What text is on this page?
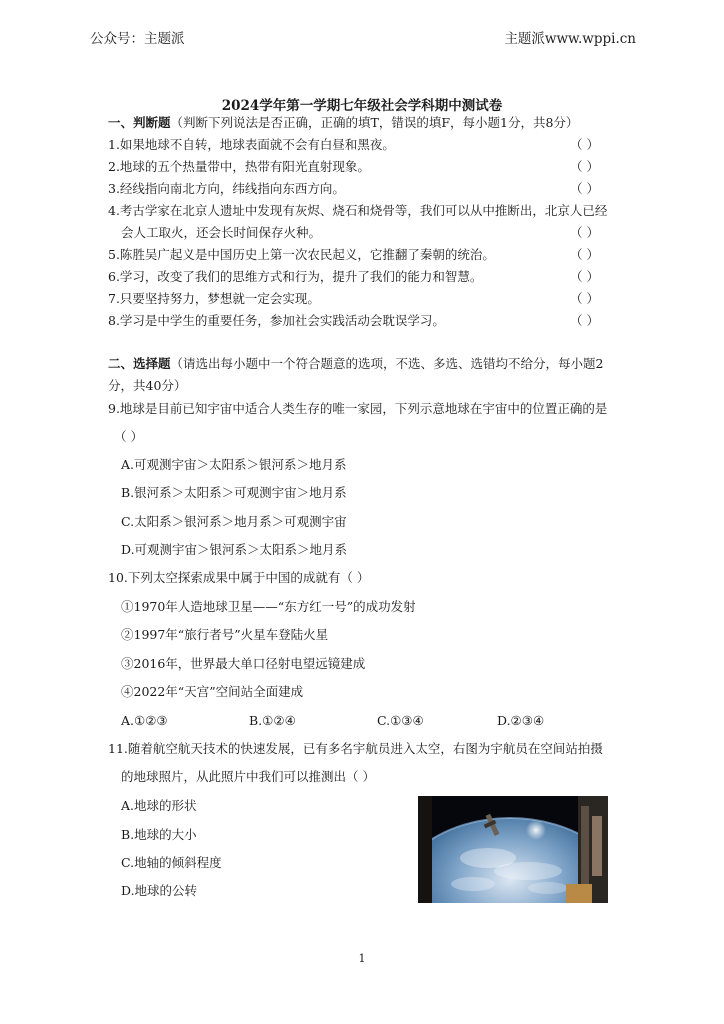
公众号：主题派	主题派www.wppi.cn
2024学年第一学期七年级社会学科期中测试卷
一、判断题（判断下列说法是否正确，正确的填T，错误的填F，每小题1分，共8分）
1.如果地球不自转，地球表面就不会有白昼和黑夜。	（ ）
2.地球的五个热量带中，热带有阳光直射现象。	（ ）
3.经线指向南北方向，纬线指向东西方向。	（ ）
4.考古学家在北京人遗址中发现有灰烬、烧石和烧骨等，我们可以从中推断出，北京人已经
会人工取火，还会长时间保存火种。	（ ）
5.陈胜吴广起义是中国历史上第一次农民起义，它推翻了秦朝的统治。	（ ）
6.学习，改变了我们的思维方式和行为，提升了我们的能力和智慧。	（ ）
7.只要坚持努力，梦想就一定会实现。	（ ）
8.学习是中学生的重要任务，参加社会实践活动会耽误学习。	（ ）
二、选择题（请选出每小题中一个符合题意的选项，不选、多选、选错均不给分，每小题2
分，共40分）
9.地球是目前已知宇宙中适合人类生存的唯一家园，下列示意地球在宇宙中的位置正确的是
（ ）
A.可观测宇宙＞太阳系＞银河系＞地月系
B.银河系＞太阳系＞可观测宇宙＞地月系
C.太阳系＞银河系＞地月系＞可观测宇宙
D.可观测宇宙＞银河系＞太阳系＞地月系
10.下列太空探索成果中属于中国的成就有（ ）
①1970年人造地球卫星——“东方红一号”的成功发射
②1997年“旅行者号”火星车登陆火星
③2016年，世界最大单口径射电望远镜建成
④2022年“天宫”空间站全面建成
A.①②③	B.①②④	C.①③④	D.②③④
11.随着航空航天技术的快速发展，已有多名宇航员进入太空，右图为宇航员在空间站拍摄
的地球照片，从此照片中我们可以推测出（ ）
A.地球的形状
B.地球的大小
C.地轴的倾斜程度
D.地球的公转
1
